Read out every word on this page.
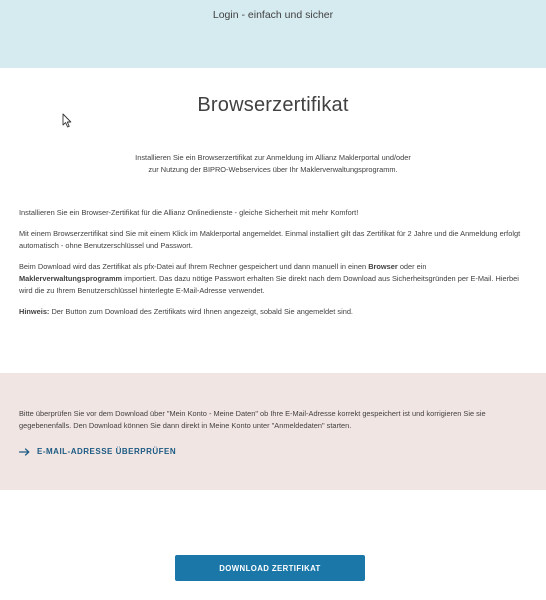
Login - einfach und sicher
Browserzertifikat
Installieren Sie ein Browserzertifikat zur Anmeldung im Allianz Maklerportal und/oder
zur Nutzung der BIPRO-Webservices über Ihr Maklerverwaltungsprogramm.

Installieren Sie ein Browser-Zertifikat für die Allianz Onlinedienste - gleiche Sicherheit mit mehr Komfort!

Mit einem Browserzertifikat sind Sie mit einem Klick im Maklerportal angemeldet. Einmal installiert gilt das Zertifikat für 2 Jahre und die Anmeldung erfolgt automatisch - ohne Benutzerschlüssel und Passwort.

Beim Download wird das Zertifikat als pfx-Datei auf Ihrem Rechner gespeichert und dann manuell in einen Browser oder ein Maklerverwaltungsprogramm importiert. Das dazu nötige Passwort erhalten Sie direkt nach dem Download aus Sicherheitsgründen per E-Mail. Hierbei wird die zu Ihrem Benutzerschlüssel hinterlegte E-Mail-Adresse verwendet.

Hinweis: Der Button zum Download des Zertifikats wird Ihnen angezeigt, sobald Sie angemeldet sind.

Bitte überprüfen Sie vor dem Download über "Mein Konto - Meine Daten" ob Ihre E-Mail-Adresse korrekt gespeichert ist und korrigieren Sie sie gegebenenfalls. Den Download können Sie dann direkt in Meine Konto unter "Anmeldedaten" starten.

E-MAIL-ADRESSE ÜBERPRÜFEN
DOWNLOAD ZERTIFIKAT
